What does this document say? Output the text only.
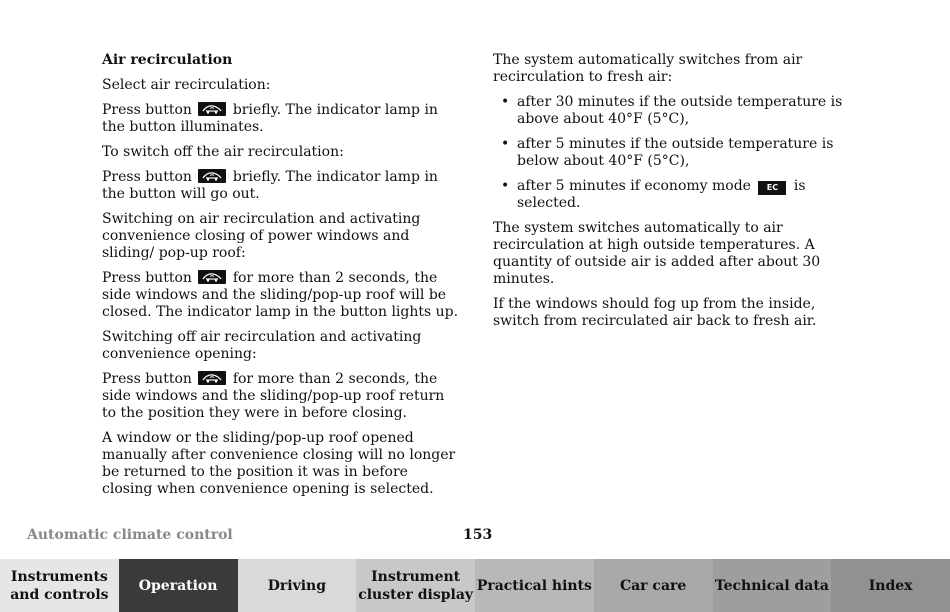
Air recirculation

Select air recirculation:

Press button	briefly. The indicator lamp in the button illuminates.

To switch off the air recirculation:

Press button	briefly. The indicator lamp in the button will go out.

Switching on air recirculation and activating convenience closing of power windows and sliding/ pop-up roof:

Press button	for more than 2 seconds, the side windows and the sliding/pop-up roof will be closed. The indicator lamp in the button lights up.

Switching off air recirculation and activating convenience opening:

Press button	for more than 2 seconds, the side windows and the sliding/pop-up roof return to the position they were in before closing.

A window or the sliding/pop-up roof opened manually after convenience closing will no longer be returned to the position it was in before closing when convenience opening is selected.

The system automatically switches from air recirculation to fresh air:

• after 30 minutes if the outside temperature is above about 40°F (5°C),
• after 5 minutes if the outside temperature is below about 40°F (5°C),
• after 5 minutes if economy mode EC is selected.

The system switches automatically to air recirculation at high outside temperatures. A quantity of outside air is added after about 30 minutes.

If the windows should fog up from the inside, switch from recirculated air back to fresh air.

Automatic climate control	153
Instruments and controls
Operation	Driving
Instrument cluster display
Practical hints Car care Technical data	Index
